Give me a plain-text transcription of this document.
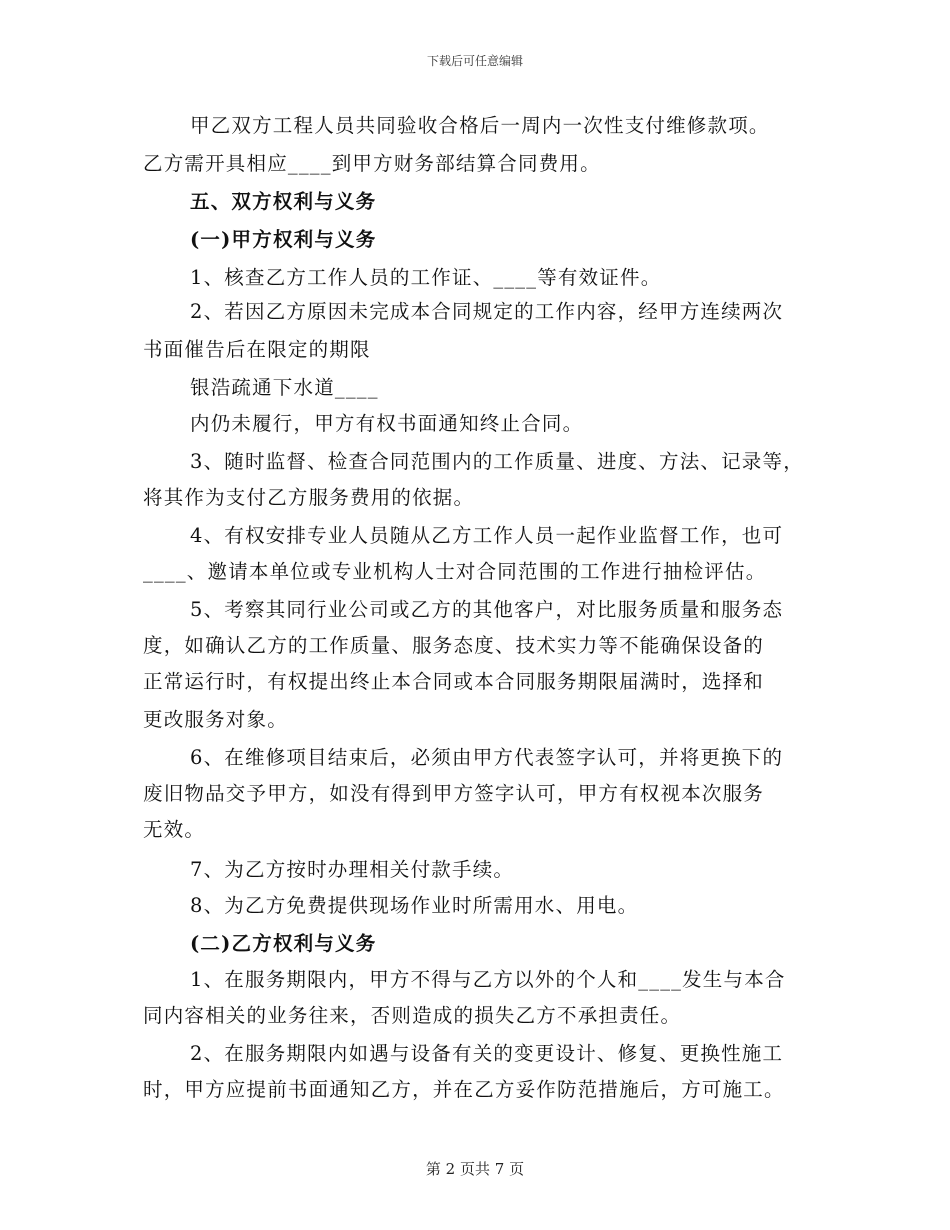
下载后可任意编辑
甲乙双方工程人员共同验收合格后一周内一次性支付维修款项。
乙方需开具相应____到甲方财务部结算合同费用。
五、双方权利与义务
(一)甲方权利与义务
1、核查乙方工作人员的工作证、____等有效证件。
2、若因乙方原因未完成本合同规定的工作内容，经甲方连续两次
书面催告后在限定的期限
银浩疏通下水道____
内仍未履行，甲方有权书面通知终止合同。
3、随时监督、检查合同范围内的工作质量、进度、方法、记录等，
将其作为支付乙方服务费用的依据。
4、有权安排专业人员随从乙方工作人员一起作业监督工作，也可
____、邀请本单位或专业机构人士对合同范围的工作进行抽检评估。
5、考察其同行业公司或乙方的其他客户，对比服务质量和服务态
度，如确认乙方的工作质量、服务态度、技术实力等不能确保设备的
正常运行时，有权提出终止本合同或本合同服务期限届满时，选择和
更改服务对象。
6、在维修项目结束后，必须由甲方代表签字认可，并将更换下的
废旧物品交予甲方，如没有得到甲方签字认可，甲方有权视本次服务
无效。
7、为乙方按时办理相关付款手续。
8、为乙方免费提供现场作业时所需用水、用电。
(二)乙方权利与义务
1、在服务期限内，甲方不得与乙方以外的个人和____发生与本合
同内容相关的业务往来，否则造成的损失乙方不承担责任。
2、在服务期限内如遇与设备有关的变更设计、修复、更换性施工
时，甲方应提前书面通知乙方，并在乙方妥作防范措施后，方可施工。
第 2 页共 7 页
